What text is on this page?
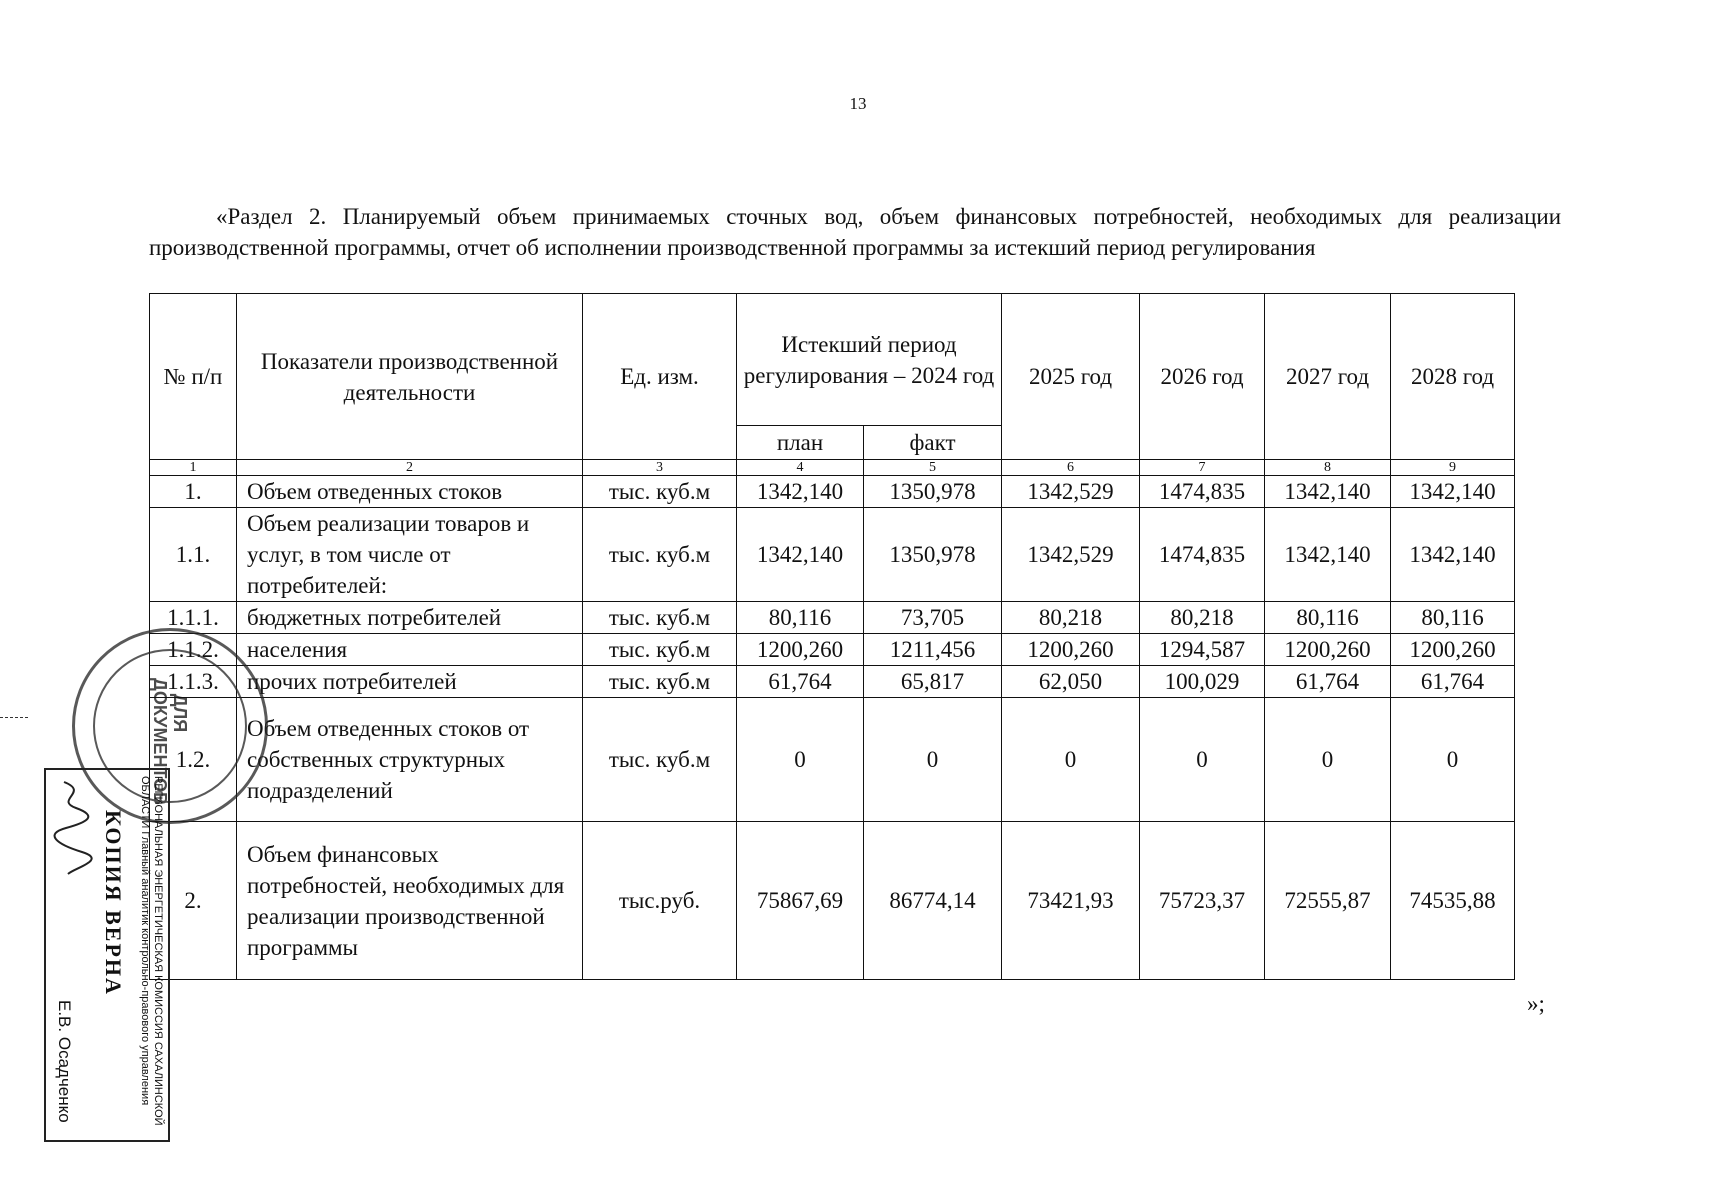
13

«Раздел 2. Планируемый объем принимаемых сточных вод, объем финансовых потребностей, необходимых для реализации производственной программы, отчет об исполнении производственной программы за истекший период регулирования

№ п/п	Показатели производственной деятельности	Ед. изм.	Истекший период регулирования – 2024 год		2025 год	2026 год	2027 год	2028 год
			план	факт				
1	2	3	4	5	6	7	8	9
1.	Объем отведенных стоков	тыс. куб.м	1342,140	1350,978	1342,529	1474,835	1342,140	1342,140
1.1.	Объем реализации товаров и услуг, в том числе от потребителей:	тыс. куб.м	1342,140	1350,978	1342,529	1474,835	1342,140	1342,140
1.1.1.	бюджетных потребителей	тыс. куб.м	80,116	73,705	80,218	80,218	80,116	80,116
1.1.2.	населения	тыс. куб.м	1200,260	1211,456	1200,260	1294,587	1200,260	1200,260
1.1.3.	прочих потребителей	тыс. куб.м	61,764	65,817	62,050	100,029	61,764	61,764
1.2.	Объем отведенных стоков от собственных структурных подразделений	тыс. куб.м	0	0	0	0	0	0
2.	Объем финансовых потребностей, необходимых для реализации производственной программы	тыс.руб.	75867,69	86774,14	73421,93	75723,37	72555,87	74535,88
»;
ДЛЯ ДОКУМЕНТОВ
РЕГИОНАЛЬНАЯ ЭНЕРГЕТИЧЕСКАЯ КОМИССИЯ САХАЛИНСКОЙ ОБЛАСТИ Главный аналитик контрольно-правового управления
КОПИЯ ВЕРНА
Е.В. Осадченко
